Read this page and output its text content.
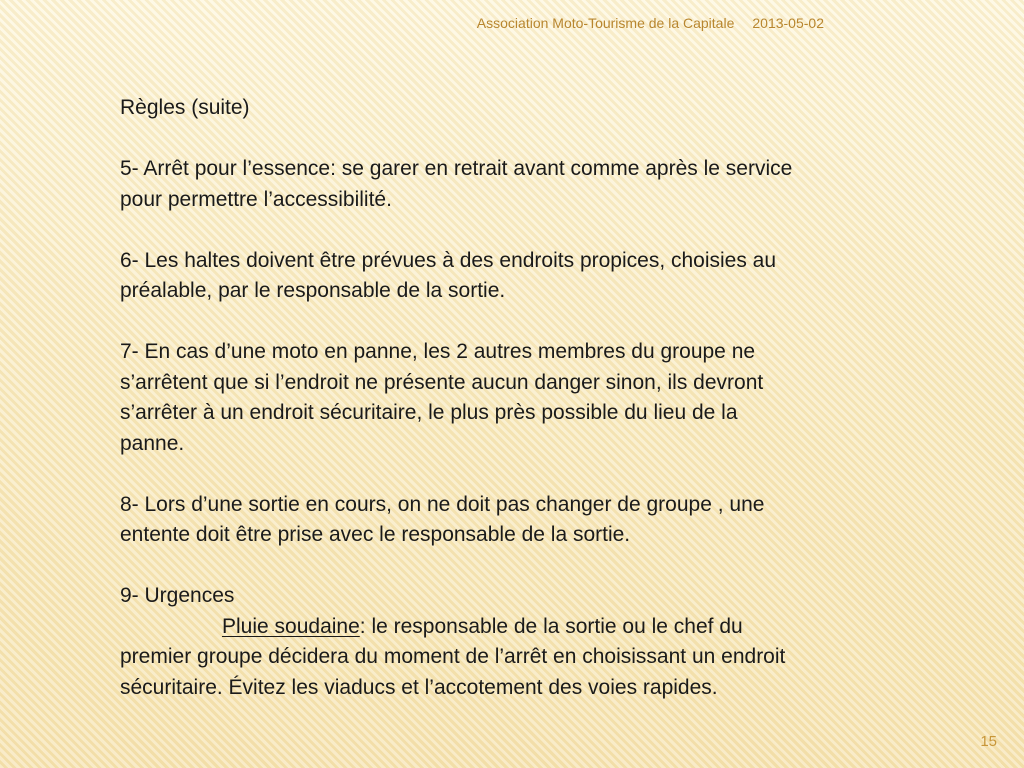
Association Moto-Tourisme de la Capitale 2013-05-02

Règles (suite)

5- Arrêt pour l’essence: se garer en retrait avant comme après le service

pour permettre l’accessibilité.

6- Les haltes doivent être prévues à des endroits propices, choisies au

préalable, par le responsable de la sortie.

7- En cas d’une moto en panne, les 2 autres membres du groupe ne

s’arrêtent que si l’endroit ne présente aucun danger sinon, ils devront

s’arrêter à un endroit sécuritaire, le plus près possible du lieu de la

panne.

8- Lors d’une sortie en cours, on ne doit pas changer de groupe , une

entente doit être prise avec le responsable de la sortie.

9- Urgences

Pluie soudaine: le responsable de la sortie ou le chef du

premier groupe décidera du moment de l’arrêt en choisissant un endroit

sécuritaire. Évitez les viaducs et l’accotement des voies rapides.

15
